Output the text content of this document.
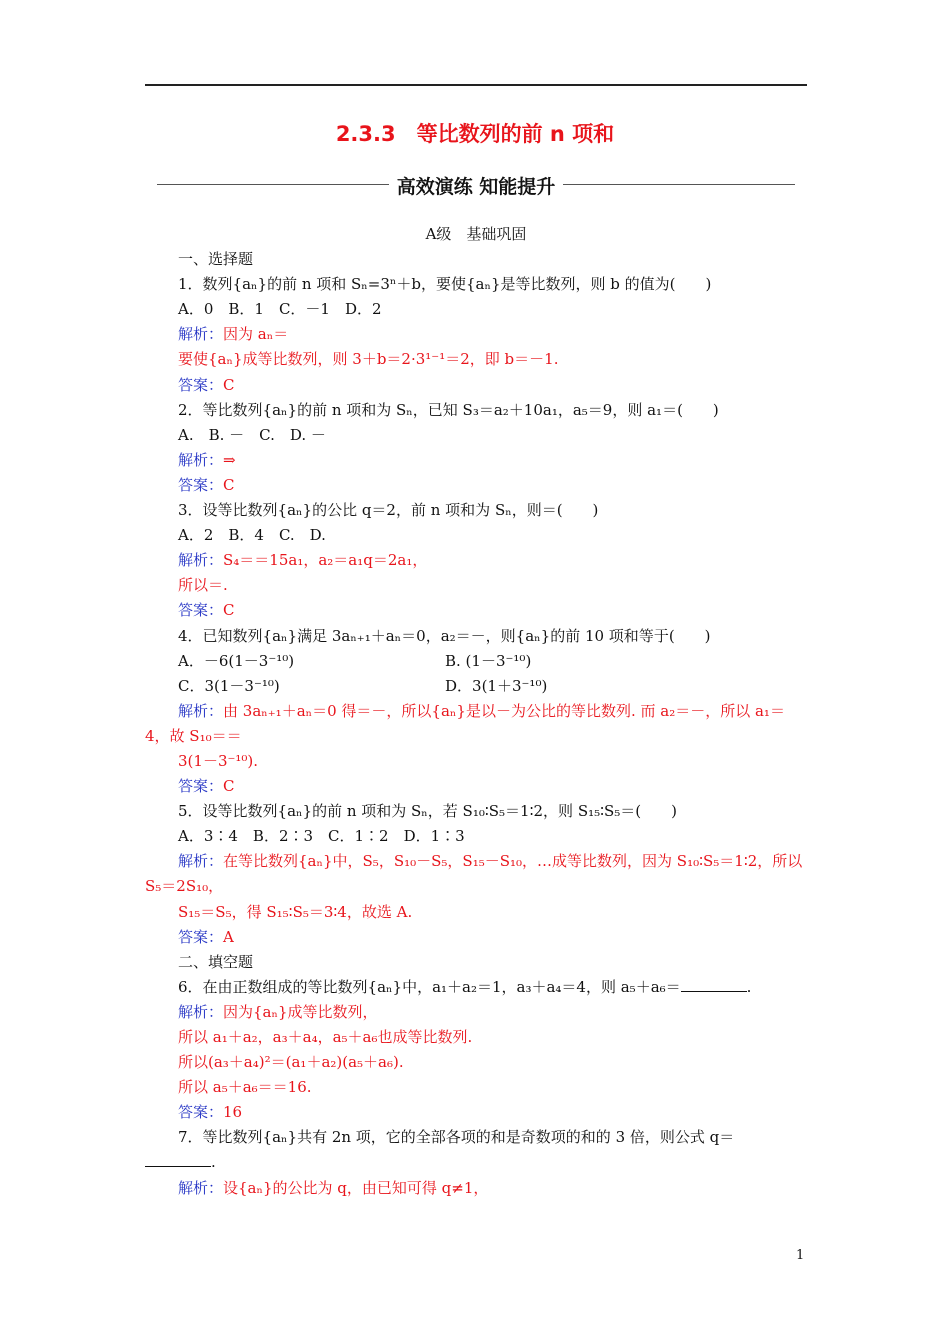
2.3.3　等比数列的前 n 项和
高效演练 知能提升
A级　基础巩固
一、选择题
1．数列{aₙ}的前 n 项和 Sₙ=3ⁿ＋b，要使{aₙ}是等比数列，则 b 的值为(　　)
A．0　B．1　C．－1　D．2
解析：因为 aₙ＝
要使{aₙ}成等比数列，则 3＋b＝2·3¹⁻¹＝2，即 b＝－1.
答案：C
2．等比数列{aₙ}的前 n 项和为 Sₙ，已知 S₃＝a₂＋10a₁，a₅＝9，则 a₁＝(　　)
A.　B. －　C.　D. －
解析：⇒
答案：C
3．设等比数列{aₙ}的公比 q＝2，前 n 项和为 Sₙ，则＝(　　)
A．2　B．4　C.　D.
解析：S₄＝＝15a₁，a₂＝a₁q＝2a₁，
所以＝.
答案：C
4．已知数列{aₙ}满足 3aₙ₊₁＋aₙ＝0，a₂＝－，则{aₙ}的前 10 项和等于(　　)
A．－6(1－3⁻¹⁰)	B. (1－3⁻¹⁰)
C．3(1－3⁻¹⁰)	D．3(1＋3⁻¹⁰)
解析：由 3aₙ₊₁＋aₙ＝0 得＝－，所以{aₙ}是以－为公比的等比数列. 而 a₂＝－，所以 a₁＝
4，故 S₁₀＝＝
3(1－3⁻¹⁰).
答案：C
5．设等比数列{aₙ}的前 n 项和为 Sₙ，若 S₁₀∶S₅＝1∶2，则 S₁₅∶S₅＝(　　)
A．3∶4　B．2∶3　C．1∶2　D．1∶3
解析：在等比数列{aₙ}中，S₅，S₁₀－S₅，S₁₅－S₁₀，…成等比数列，因为 S₁₀∶S₅＝1∶2，所以
S₅＝2S₁₀，
S₁₅＝S₅，得 S₁₅∶S₅＝3∶4，故选 A.
答案：A
二、填空题
6．在由正数组成的等比数列{aₙ}中，a₁＋a₂＝1，a₃＋a₄＝4，则 a₅＋a₆＝	.
解析：因为{aₙ}成等比数列，
所以 a₁＋a₂，a₃＋a₄，a₅＋a₆也成等比数列.
所以(a₃＋a₄)²＝(a₁＋a₂)(a₅＋a₆).
所以 a₅＋a₆＝＝16.
答案：16
7．等比数列{aₙ}共有 2n 项，它的全部各项的和是奇数项的和的 3 倍，则公式 q＝
.
解析：设{aₙ}的公比为 q，由已知可得 q≠1，
1
